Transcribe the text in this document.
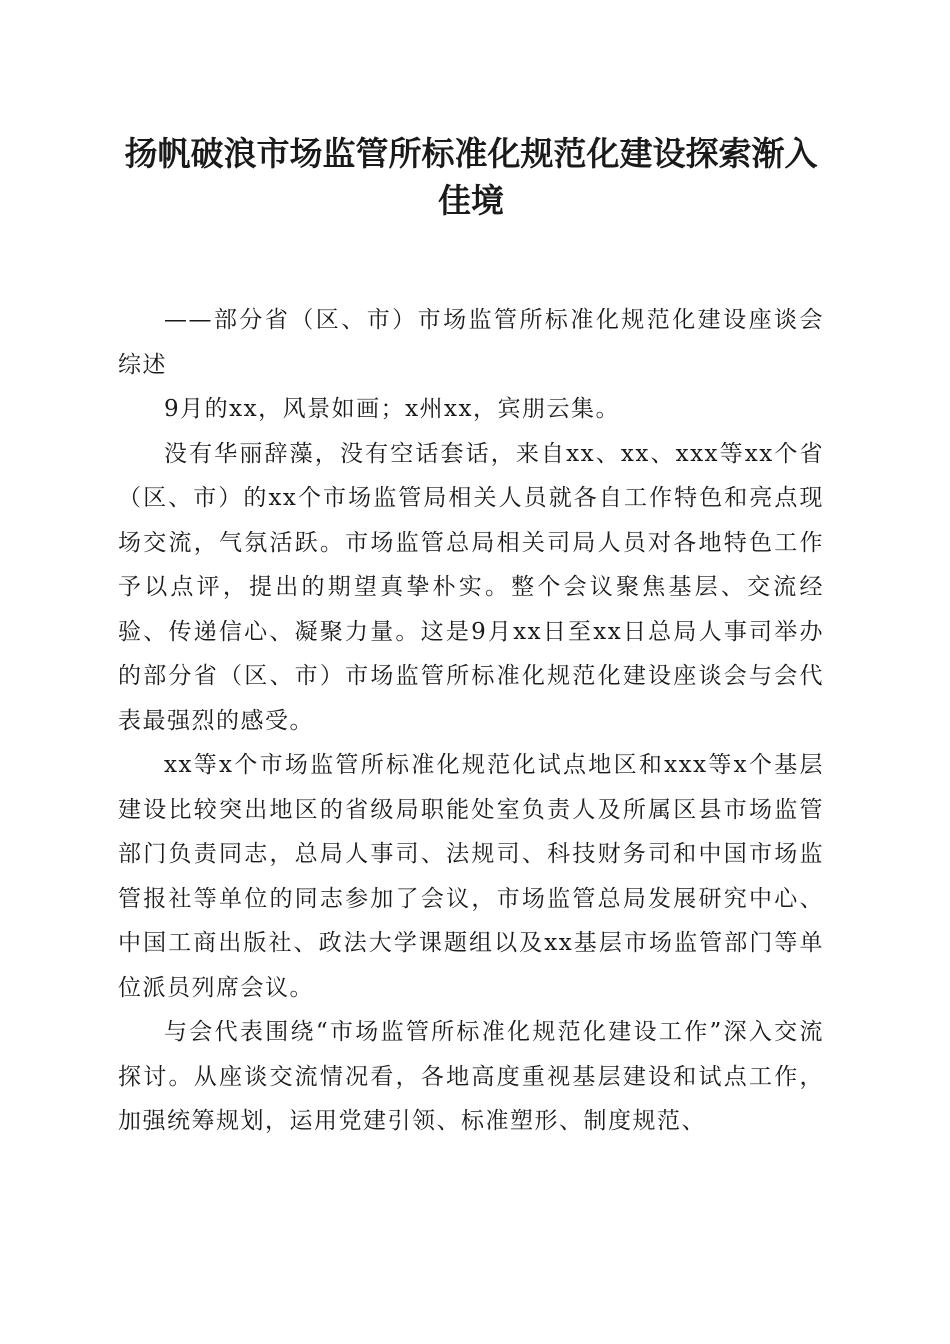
扬帆破浪市场监管所标准化规范化建设探索渐入佳境

——部分省（区、市）市场监管所标准化规范化建设座谈会综述

9月的xx，风景如画；x州xx，宾朋云集。

没有华丽辞藻，没有空话套话，来自xx、xx、xxx等xx个省（区、市）的xx个市场监管局相关人员就各自工作特色和亮点现场交流，气氛活跃。市场监管总局相关司局人员对各地特色工作予以点评，提出的期望真挚朴实。整个会议聚焦基层、交流经验、传递信心、凝聚力量。这是9月xx日至xx日总局人事司举办的部分省（区、市）市场监管所标准化规范化建设座谈会与会代表最强烈的感受。

xx等x个市场监管所标准化规范化试点地区和xxx等x个基层建设比较突出地区的省级局职能处室负责人及所属区县市场监管部门负责同志，总局人事司、法规司、科技财务司和中国市场监管报社等单位的同志参加了会议，市场监管总局发展研究中心、中国工商出版社、政法大学课题组以及xx基层市场监管部门等单位派员列席会议。

与会代表围绕“市场监管所标准化规范化建设工作”深入交流探讨。从座谈交流情况看，各地高度重视基层建设和试点工作，加强统筹规划，运用党建引领、标准塑形、制度规范、
